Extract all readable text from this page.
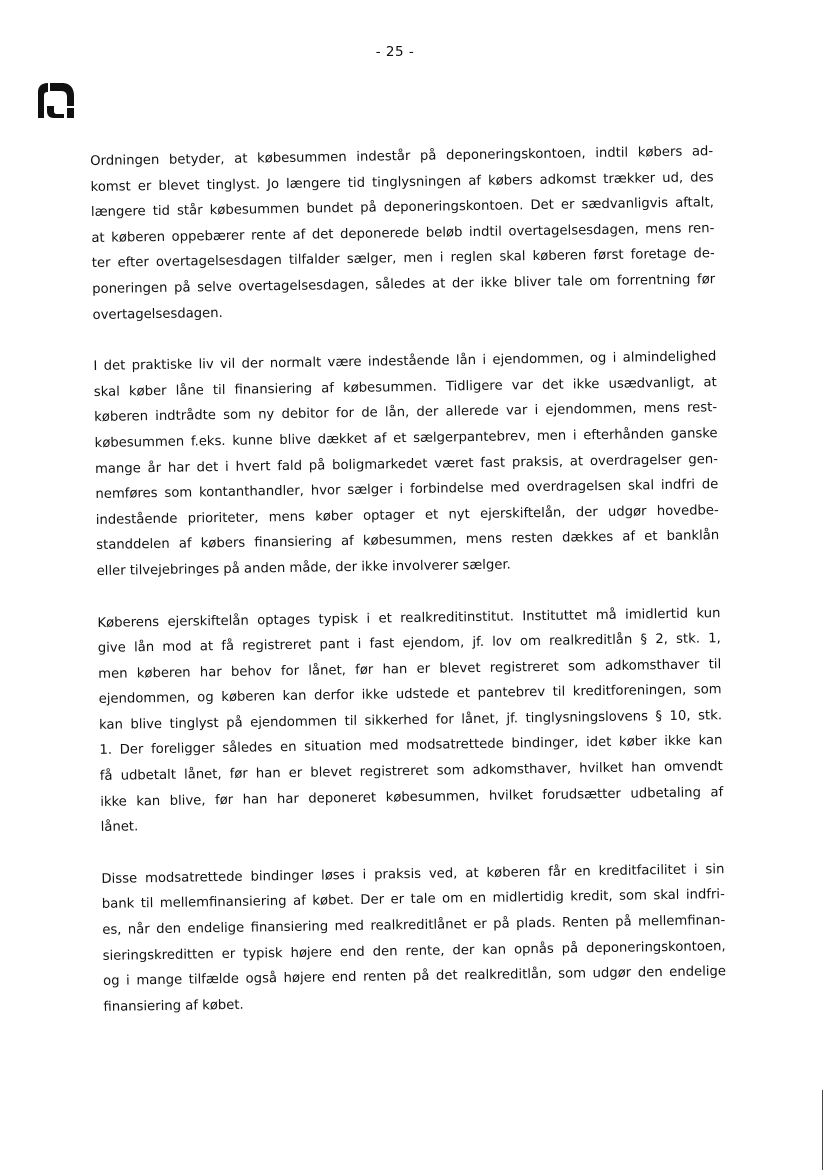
- 25 -

Ordningen betyder, at købesummen indestår på deponeringskontoen, indtil købers ad-
komst er blevet tinglyst. Jo længere tid tinglysningen af købers adkomst trækker ud, des
længere tid står købesummen bundet på deponeringskontoen. Det er sædvanligvis aftalt,
at køberen oppebærer rente af det deponerede beløb indtil overtagelsesdagen, mens ren-
ter efter overtagelsesdagen tilfalder sælger, men i reglen skal køberen først foretage de-
poneringen på selve overtagelsesdagen, således at der ikke bliver tale om forrentning før
overtagelsesdagen.

I det praktiske liv vil der normalt være indestående lån i ejendommen, og i almindelighed
skal køber låne til finansiering af købesummen. Tidligere var det ikke usædvanligt, at
køberen indtrådte som ny debitor for de lån, der allerede var i ejendommen, mens rest-
købesummen f.eks. kunne blive dækket af et sælgerpantebrev, men i efterhånden ganske
mange år har det i hvert fald på boligmarkedet været fast praksis, at overdragelser gen-
nemføres som kontanthandler, hvor sælger i forbindelse med overdragelsen skal indfri de
indestående prioriteter, mens køber optager et nyt ejerskiftelån, der udgør hovedbe-
standdelen af købers finansiering af købesummen, mens resten dækkes af et banklån
eller tilvejebringes på anden måde, der ikke involverer sælger.

Køberens ejerskiftelån optages typisk i et realkreditinstitut. Instituttet må imidlertid kun
give lån mod at få registreret pant i fast ejendom, jf. lov om realkreditlån § 2, stk. 1,
men køberen har behov for lånet, før han er blevet registreret som adkomsthaver til
ejendommen, og køberen kan derfor ikke udstede et pantebrev til kreditforeningen, som
kan blive tinglyst på ejendommen til sikkerhed for lånet, jf. tinglysningslovens § 10, stk.
1. Der foreligger således en situation med modsatrettede bindinger, idet køber ikke kan
få udbetalt lånet, før han er blevet registreret som adkomsthaver, hvilket han omvendt
ikke kan blive, før han har deponeret købesummen, hvilket forudsætter udbetaling af
lånet.

Disse modsatrettede bindinger løses i praksis ved, at køberen får en kreditfacilitet i sin
bank til mellemfinansiering af købet. Der er tale om en midlertidig kredit, som skal indfri-
es, når den endelige finansiering med realkreditlånet er på plads. Renten på mellemfinan-
sieringskreditten er typisk højere end den rente, der kan opnås på deponeringskontoen,
og i mange tilfælde også højere end renten på det realkreditlån, som udgør den endelige
finansiering af købet.
